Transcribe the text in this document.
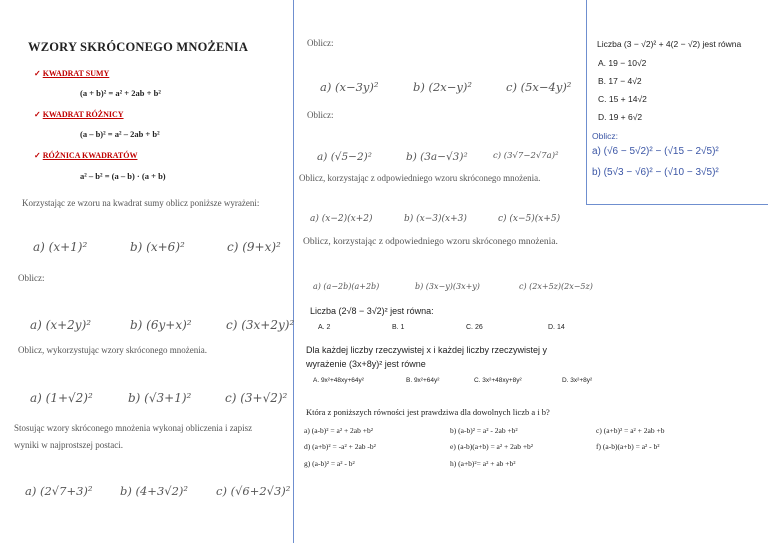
WZORY SKRÓCONEGO MNOŻENIA
✓ KWADRAT SUMY
(a + b)² = a² + 2ab + b²
✓ KWADRAT RÓŻNICY
(a – b)² = a² – 2ab + b²
✓ RÓŻNICA KWADRATÓW
a² – b² = (a – b) · (a + b)
Korzystając ze wzoru na kwadrat sumy oblicz poniższe wyrażeni:
a) (x+1)²	b) (x+6)²	c) (9+x)²
Oblicz:
a) (x+2y)²	b) (6y+x)²	c) (3x+2y)²
Oblicz, wykorzystując wzory skróconego mnożenia.
a) (1+√2)²	b) (√3+1)²	c) (3+√2)²
Stosując wzory skróconego mnożenia wykonaj obliczenia i zapisz
wyniki w najprostszej postaci.
a) (2√7+3)² b) (4+3√2)² c) (√6+2√3)²
Oblicz:
a) (x−3y)²	b) (2x−y)²	c) (5x−4y)²
Oblicz:
a) (√5−2)²	b) (3a−√3)²	c) (3√7−2√7a)²
Oblicz, korzystając z odpowiedniego wzoru skróconego mnożenia.
a) (x−2)(x+2)	b) (x−3)(x+3)	c) (x−5)(x+5)
Oblicz, korzystając z odpowiedniego wzoru skróconego mnożenia.
a) (a−2b)(a+2b)	b) (3x−y)(3x+y)	c) (2x+5z)(2x−5z)
Liczba (2√8 − 3√2)² jest równa:
A. 2	B. 1	C. 26	D. 14
Dla każdej liczby rzeczywistej x i każdej liczby rzeczywistej y
wyrażenie (3x+8y)² jest równe
A. 9x²+48xy+64y²	B. 9x²+64y²	C. 3x²+48xy+8y²	D. 3x²+8y²
Która z poniższych równości jest prawdziwa dla dowolnych liczb a i b?
a) (a-b)² = a² + 2ab +b²	b) (a-b)² = a² - 2ab +b²	c) (a+b)² = a² + 2ab +b
d) (a+b)² = -a² + 2ab -b²	e) (a-b)(a+b) = a² + 2ab +b²	f) (a-b)(a+b) = a² - b²
g) (a-b)² = a² - b²	h) (a+b)²= a² + ab +b²
Liczba (3 − √2)² + 4(2 − √2) jest równa
A. 19 − 10√2
B. 17 − 4√2
C. 15 + 14√2
D. 19 + 6√2
Oblicz:
a) (√6 − 5√2)² − (√15 − 2√5)²
b) (5√3 − √6)² − (√10 − 3√5)²
